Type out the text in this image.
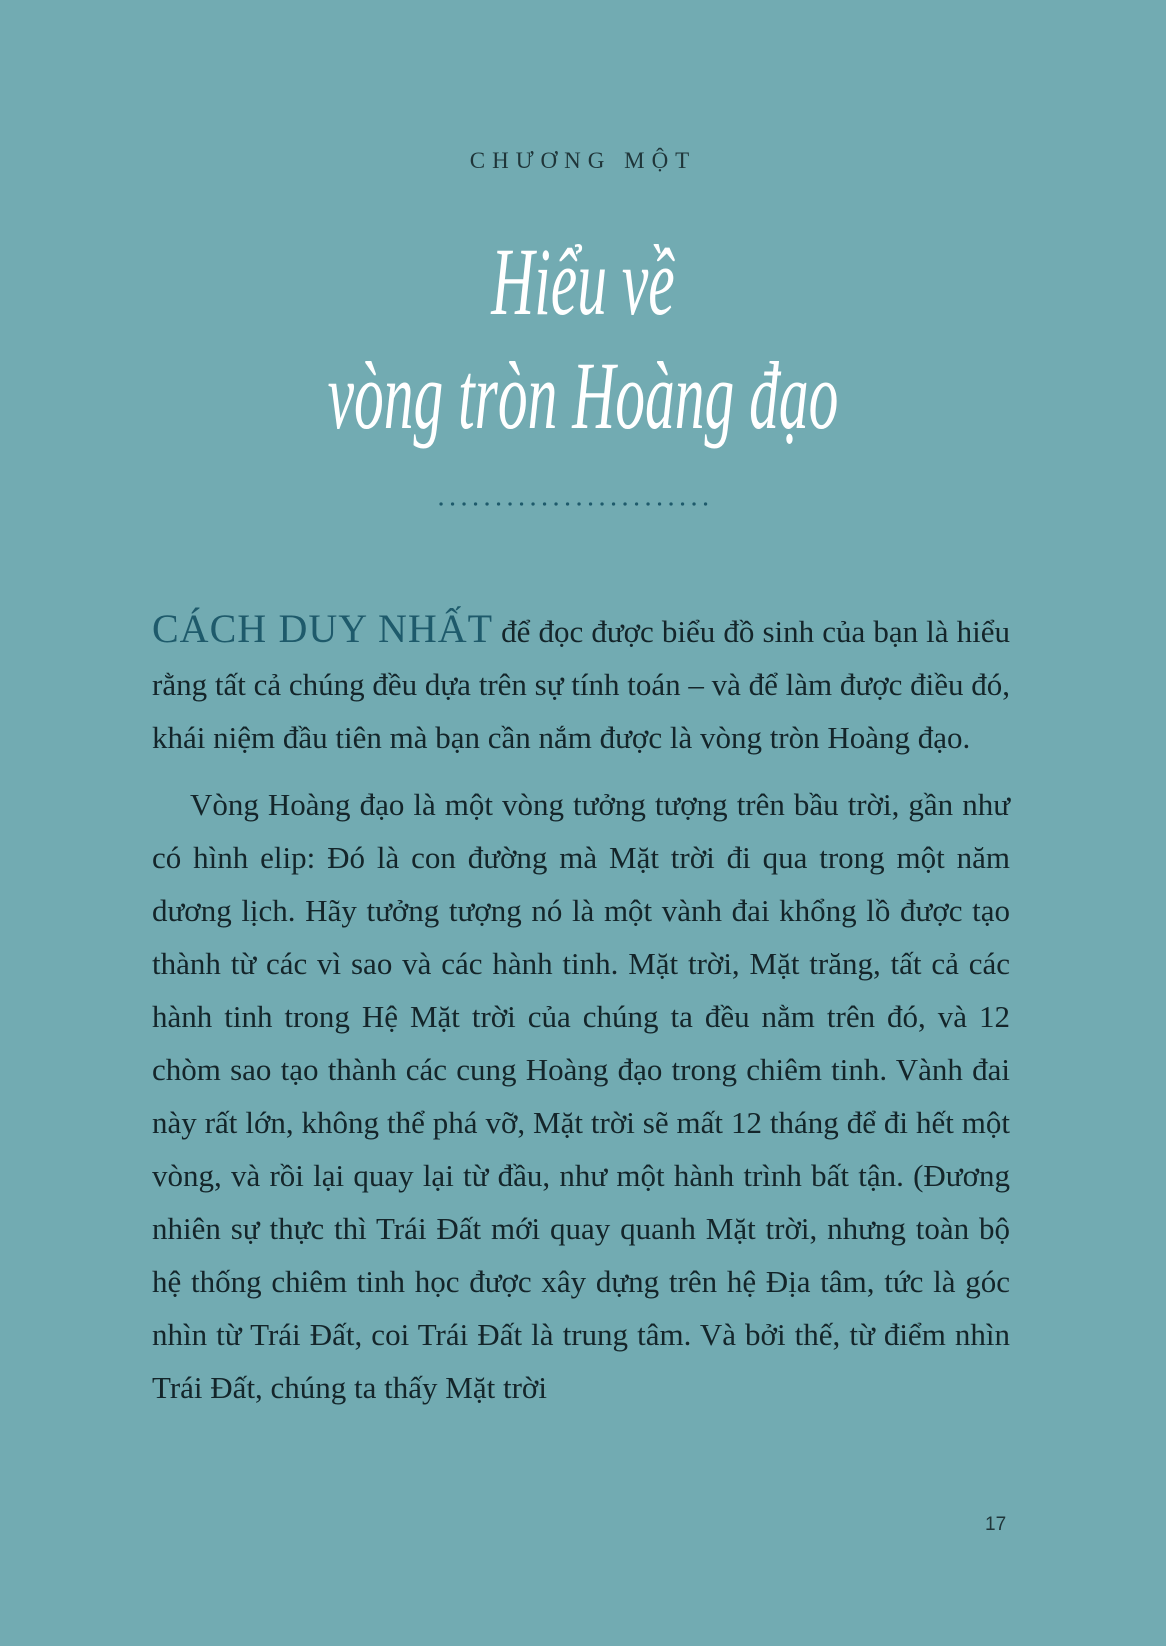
CHƯƠNG MỘT
Hiểu về
vòng tròn Hoàng đạo

CÁCH DUY NHẤT để đọc được biểu đồ sinh của bạn là hiểu rằng tất cả chúng đều dựa trên sự tính toán – và để làm được điều đó, khái niệm đầu tiên mà bạn cần nắm được là vòng tròn Hoàng đạo.

Vòng Hoàng đạo là một vòng tưởng tượng trên bầu trời, gần như có hình elip: Đó là con đường mà Mặt trời đi qua trong một năm dương lịch. Hãy tưởng tượng nó là một vành đai khổng lồ được tạo thành từ các vì sao và các hành tinh. Mặt trời, Mặt trăng, tất cả các hành tinh trong Hệ Mặt trời của chúng ta đều nằm trên đó, và 12 chòm sao tạo thành các cung Hoàng đạo trong chiêm tinh. Vành đai này rất lớn, không thể phá vỡ, Mặt trời sẽ mất 12 tháng để đi hết một vòng, và rồi lại quay lại từ đầu, như một hành trình bất tận. (Đương nhiên sự thực thì Trái Đất mới quay quanh Mặt trời, nhưng toàn bộ hệ thống chiêm tinh học được xây dựng trên hệ Địa tâm, tức là góc nhìn từ Trái Đất, coi Trái Đất là trung tâm. Và bởi thế, từ điểm nhìn Trái Đất, chúng ta thấy Mặt trời

17
